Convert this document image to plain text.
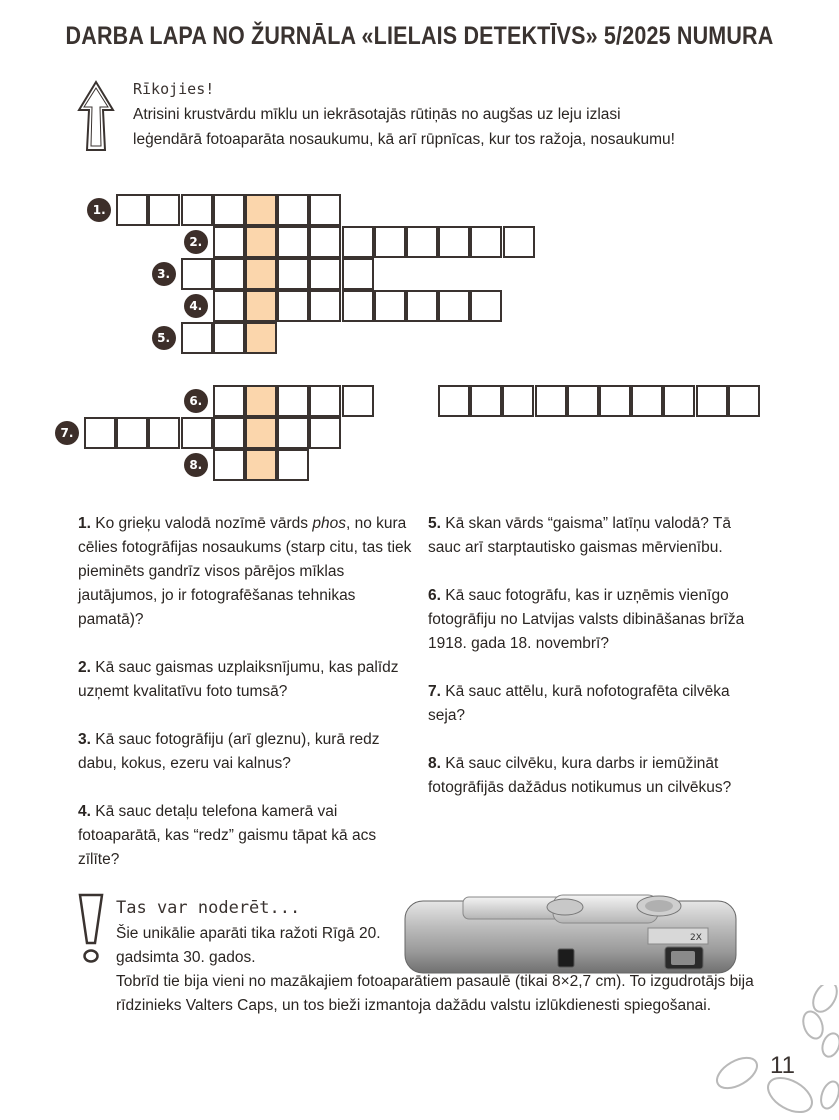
DARBA LAPA NO ŽURNĀLA «LIELAIS DETEKTĪVS» 5/2025 NUMURA
Rīkojies!
Atrisini krustvārdu mīklu un iekrāsotajās rūtiņās no augšas uz leju izlasi leģendārā fotoaparāta nosaukumu, kā arī rūpnīcas, kur tos ražoja, nosaukumu!
1.
2.
3.
4.
5.
6.
7.
8.
1. Ko grieķu valodā nozīmē vārds phos, no kura cēlies fotogrāfijas nosaukums (starp citu, tas tiek pieminēts gandrīz visos pārējos mīklas jautājumos, jo ir fotografēšanas tehnikas pamatā)?
2. Kā sauc gaismas uzplaiksnījumu, kas palīdz uzņemt kvalitatīvu foto tumsā?
3. Kā sauc fotogrāfiju (arī gleznu), kurā redz dabu, kokus, ezeru vai kalnus?
4. Kā sauc detaļu telefona kamerā vai fotoaparātā, kas “redz” gaismu tāpat kā acs zīlīte?
5. Kā skan vārds “gaisma” latīņu valodā? Tā sauc arī starptautisko gaismas mērvienību.
6. Kā sauc fotogrāfu, kas ir uzņēmis vienīgo fotogrāfiju no Latvijas valsts dibināšanas brīža 1918. gada 18. novembrī?
7. Kā sauc attēlu, kurā nofotografēta cilvēka seja?
8. Kā sauc cilvēku, kura darbs ir iemūžināt fotogrāfijās dažādus notikumus un cilvēkus?
Tas var noderēt...
Šie unikālie aparāti tika ražoti Rīgā 20. gadsimta 30. gados.
Tobrīd tie bija vieni no mazākajiem fotoaparātiem pasaulē (tikai 8×2,7 cm). To izgudrotājs bija rīdzinieks Valters Caps, un tos bieži izmantoja dažādu valstu izlūkdienesti spiegošanai.
2X
11
